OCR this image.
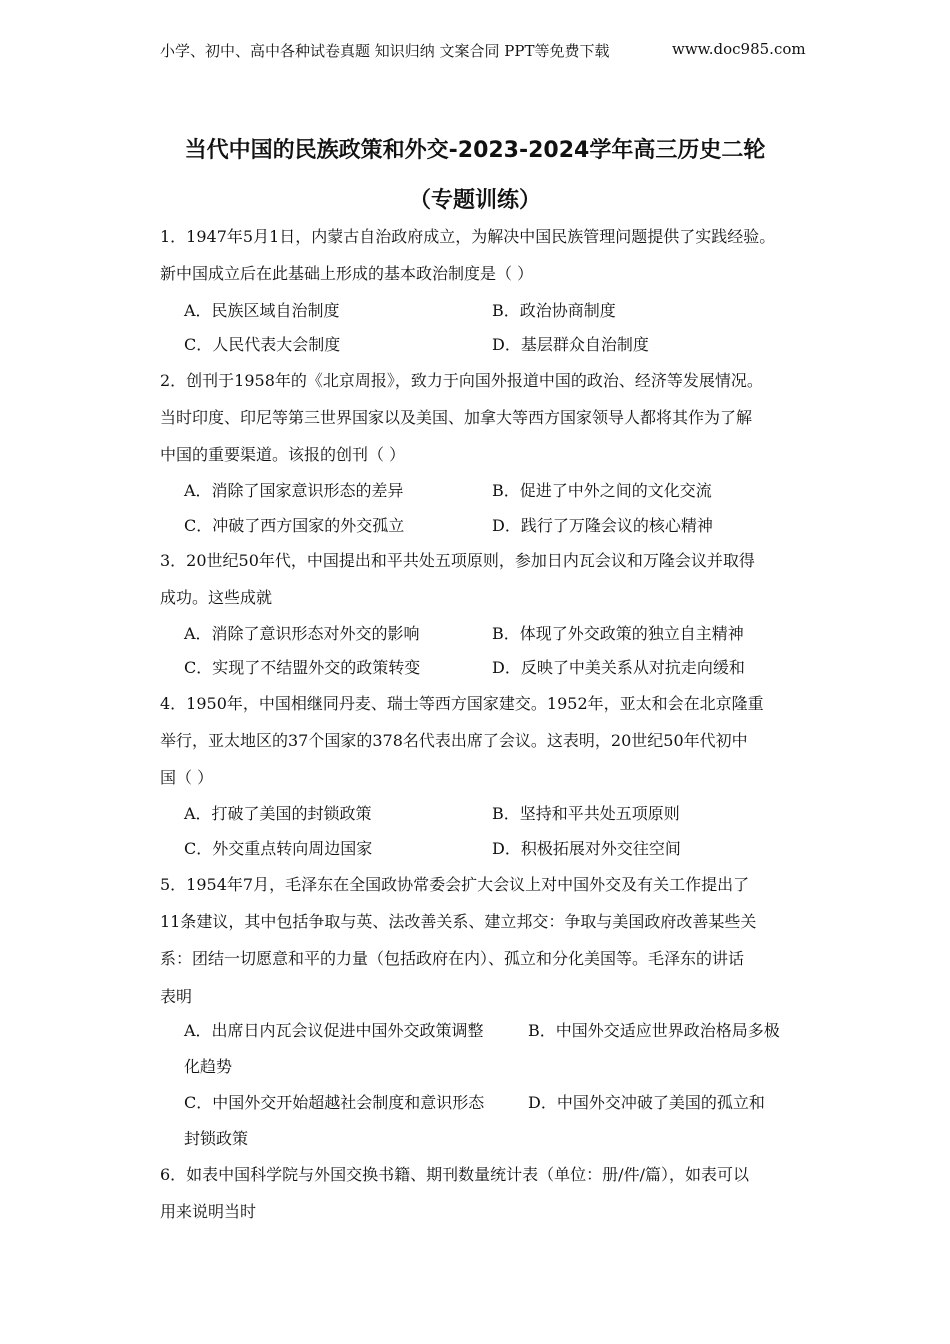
小学、初中、高中各种试卷真题 知识归纳 文案合同 PPT等免费下载	www.doc985.com
当代中国的民族政策和外交-2023-2024学年高三历史二轮
（专题训练）
1．1947年5月1日，内蒙古自治政府成立，为解决中国民族管理问题提供了实践经验。
新中国成立后在此基础上形成的基本政治制度是（ ）
A．民族区域自治制度	B．政治协商制度
C．人民代表大会制度	D．基层群众自治制度
2．创刊于1958年的《北京周报》，致力于向国外报道中国的政治、经济等发展情况。
当时印度、印尼等第三世界国家以及美国、加拿大等西方国家领导人都将其作为了解
中国的重要渠道。该报的创刊（ ）
A．消除了国家意识形态的差异	B．促进了中外之间的文化交流
C．冲破了西方国家的外交孤立	D．践行了万隆会议的核心精神
3．20世纪50年代，中国提出和平共处五项原则，参加日内瓦会议和万隆会议并取得
成功。这些成就
A．消除了意识形态对外交的影响	B．体现了外交政策的独立自主精神
C．实现了不结盟外交的政策转变	D．反映了中美关系从对抗走向缓和
4．1950年，中国相继同丹麦、瑞士等西方国家建交。1952年，亚太和会在北京隆重
举行，亚太地区的37个国家的378名代表出席了会议。这表明，20世纪50年代初中
国（ ）
A．打破了美国的封锁政策	B．坚持和平共处五项原则
C．外交重点转向周边国家	D．积极拓展对外交往空间
5．1954年7月，毛泽东在全国政协常委会扩大会议上对中国外交及有关工作提出了
11条建议，其中包括争取与英、法改善关系、建立邦交：争取与美国政府改善某些关
系：团结一切愿意和平的力量（包括政府在内）、孤立和分化美国等。毛泽东的讲话
表明
A．出席日内瓦会议促进中国外交政策调整	B．中国外交适应世界政治格局多极
化趋势
C．中国外交开始超越社会制度和意识形态	D．中国外交冲破了美国的孤立和
封锁政策
6．如表中国科学院与外国交换书籍、期刊数量统计表（单位：册/件/篇），如表可以
用来说明当时
